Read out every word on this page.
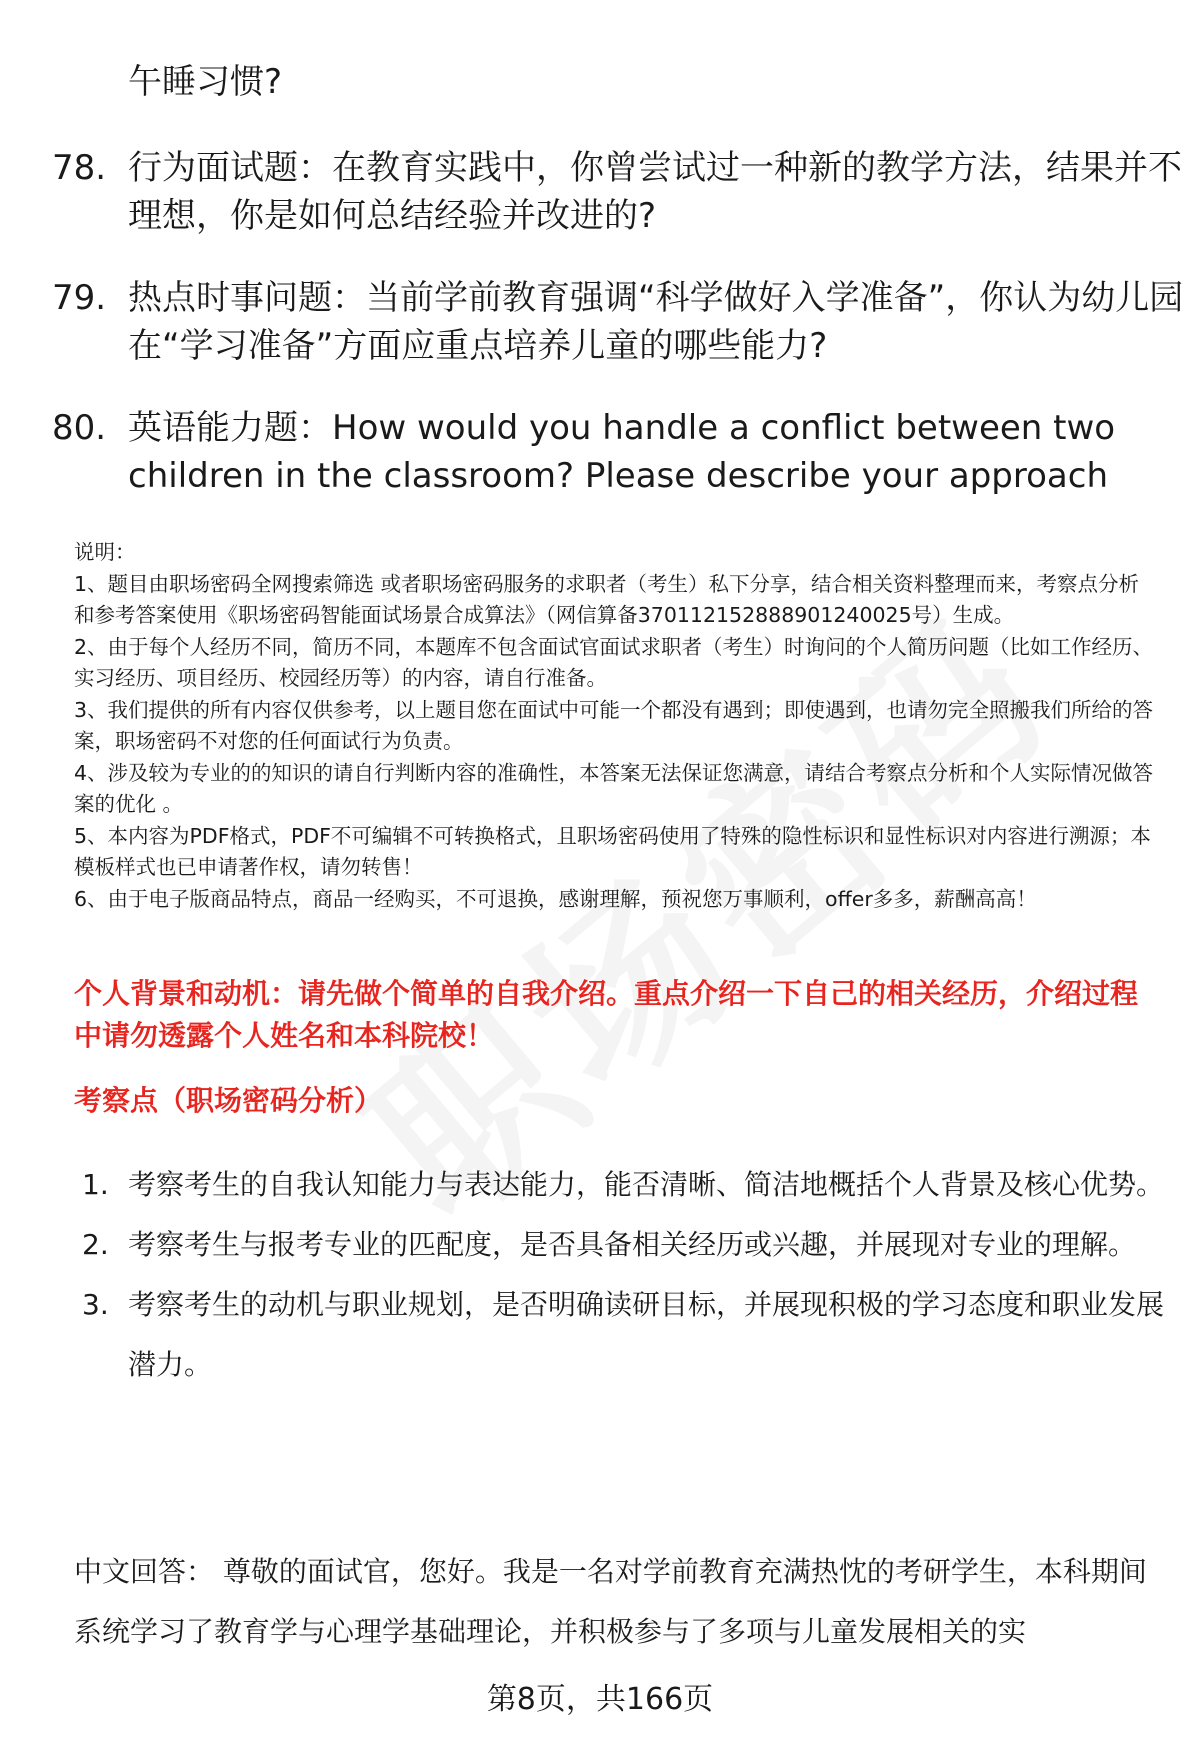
午睡习惯?
78. 行为面试题：在教育实践中，你曾尝试过一种新的教学方法，结果并不理想，你是如何总结经验并改进的?
79. 热点时事问题：当前学前教育强调“科学做好入学准备”，你认为幼儿园在“学习准备”方面应重点培养儿童的哪些能力?
80. 英语能力题：How would you handle a conflict between two children in the classroom? Please describe your approach

说明：

1、题目由职场密码全网搜索筛选 或者职场密码服务的求职者（考生）私下分享，结合相关资料整理而来，考察点分析和参考答案使用《职场密码智能面试场景合成算法》（网信算备370112152888901240025号）生成。

2、由于每个人经历不同，简历不同，本题库不包含面试官面试求职者（考生）时询问的个人简历问题（比如工作经历、实习经历、项目经历、校园经历等）的内容，请自行准备。

3、我们提供的所有内容仅供参考，以上题目您在面试中可能一个都没有遇到；即使遇到，也请勿完全照搬我们所给的答案，职场密码不对您的任何面试行为负责。

4、涉及较为专业的的知识的请自行判断内容的准确性，本答案无法保证您满意，请结合考察点分析和个人实际情况做答案的优化 。

5、本内容为PDF格式，PDF不可编辑不可转换格式，且职场密码使用了特殊的隐性标识和显性标识对内容进行溯源；本模板样式也已申请著作权，请勿转售！

6、由于电子版商品特点，商品一经购买，不可退换，感谢理解，预祝您万事顺利，offer多多，薪酬高高！

个人背景和动机：请先做个简单的自我介绍。重点介绍一下自己的相关经历，介绍过程中请勿透露个人姓名和本科院校！
考察点（职场密码分析）
1. 考察考生的自我认知能力与表达能力，能否清晰、简洁地概括个人背景及核心优势。
2. 考察考生与报考专业的匹配度，是否具备相关经历或兴趣，并展现对专业的理解。
3. 考察考生的动机与职业规划，是否明确读研目标，并展现积极的学习态度和职业发展潜力。
中文回答： 尊敬的面试官，您好。我是一名对学前教育充满热忱的考研学生，本科期间系统学习了教育学与心理学基础理论，并积极参与了多项与儿童发展相关的实
第8页，共166页
